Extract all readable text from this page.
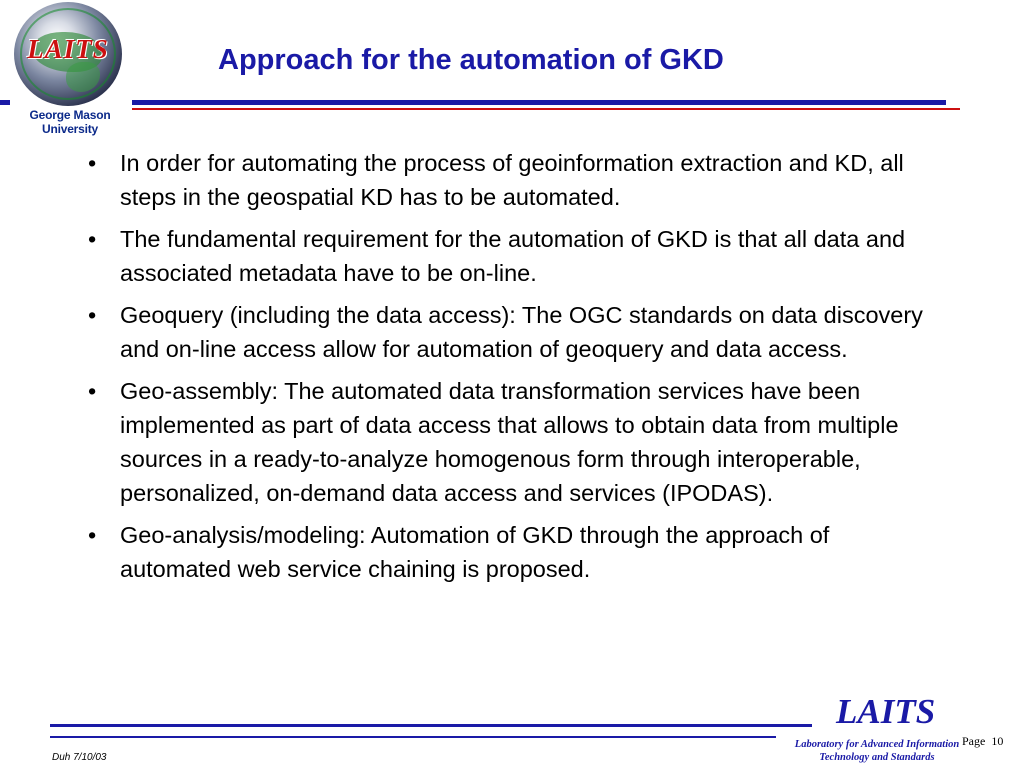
LAITS
George Mason University
Approach for the automation of GKD
•	In order for automating the process of geoinformation extraction and KD, all steps in the geospatial KD has to be automated.
•	The fundamental requirement for the automation of GKD is that all data and associated metadata have to be on-line.
•	Geoquery (including the data access): The OGC standards on data discovery and on-line access allow for automation of geoquery and data access.
•	Geo-assembly: The automated data transformation services have been implemented as part of data access that allows to obtain data from multiple sources in a ready-to-analyze homogenous form through interoperable, personalized, on-demand data access and services (IPODAS).
•	Geo-analysis/modeling: Automation of GKD through the approach of automated web service chaining is proposed.
LAITS
Laboratory for Advanced Information
Technology and Standards
Duh 7/10/03
Page 10
